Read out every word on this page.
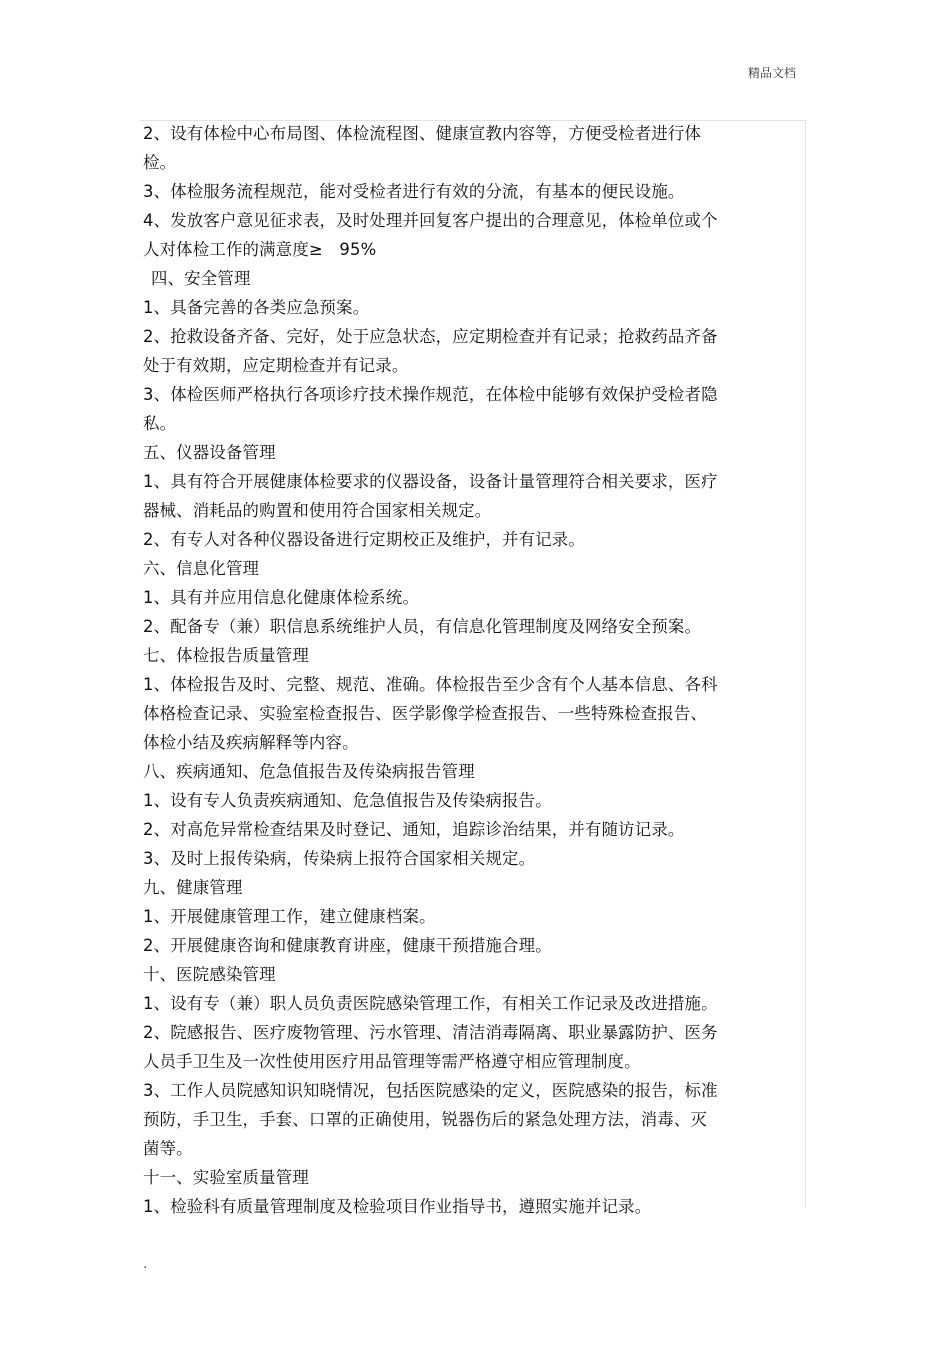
精品文档

2、设有体检中心布局图、体检流程图、健康宣教内容等，方便受检者进行体

检。

3、体检服务流程规范，能对受检者进行有效的分流，有基本的便民设施。

4、发放客户意见征求表，及时处理并回复客户提出的合理意见，体检单位或个

人对体检工作的满意度≥　95%

四、安全管理

1、具备完善的各类应急预案。

2、抢救设备齐备、完好，处于应急状态，应定期检查并有记录；抢救药品齐备

处于有效期，应定期检查并有记录。

3、体检医师严格执行各项诊疗技术操作规范，在体检中能够有效保护受检者隐

私。

五、仪器设备管理

1、具有符合开展健康体检要求的仪器设备，设备计量管理符合相关要求，医疗

器械、消耗品的购置和使用符合国家相关规定。

2、有专人对各种仪器设备进行定期校正及维护，并有记录。

六、信息化管理

1、具有并应用信息化健康体检系统。

2、配备专（兼）职信息系统维护人员，有信息化管理制度及网络安全预案。

七、体检报告质量管理

1、体检报告及时、完整、规范、准确。体检报告至少含有个人基本信息、各科

体格检查记录、实验室检查报告、医学影像学检查报告、一些特殊检查报告、

体检小结及疾病解释等内容。

八、疾病通知、危急值报告及传染病报告管理

1、设有专人负责疾病通知、危急值报告及传染病报告。

2、对高危异常检查结果及时登记、通知，追踪诊治结果，并有随访记录。

3、及时上报传染病，传染病上报符合国家相关规定。

九、健康管理

1、开展健康管理工作，建立健康档案。

2、开展健康咨询和健康教育讲座，健康干预措施合理。

十、医院感染管理

1、设有专（兼）职人员负责医院感染管理工作，有相关工作记录及改进措施。

2、院感报告、医疗废物管理、污水管理、清洁消毒隔离、职业暴露防护、医务

人员手卫生及一次性使用医疗用品管理等需严格遵守相应管理制度。

3、工作人员院感知识知晓情况，包括医院感染的定义，医院感染的报告，标准

预防，手卫生，手套、口罩的正确使用，锐器伤后的紧急处理方法，消毒、灭

菌等。

十一、实验室质量管理

1、检验科有质量管理制度及检验项目作业指导书，遵照实施并记录。

.
